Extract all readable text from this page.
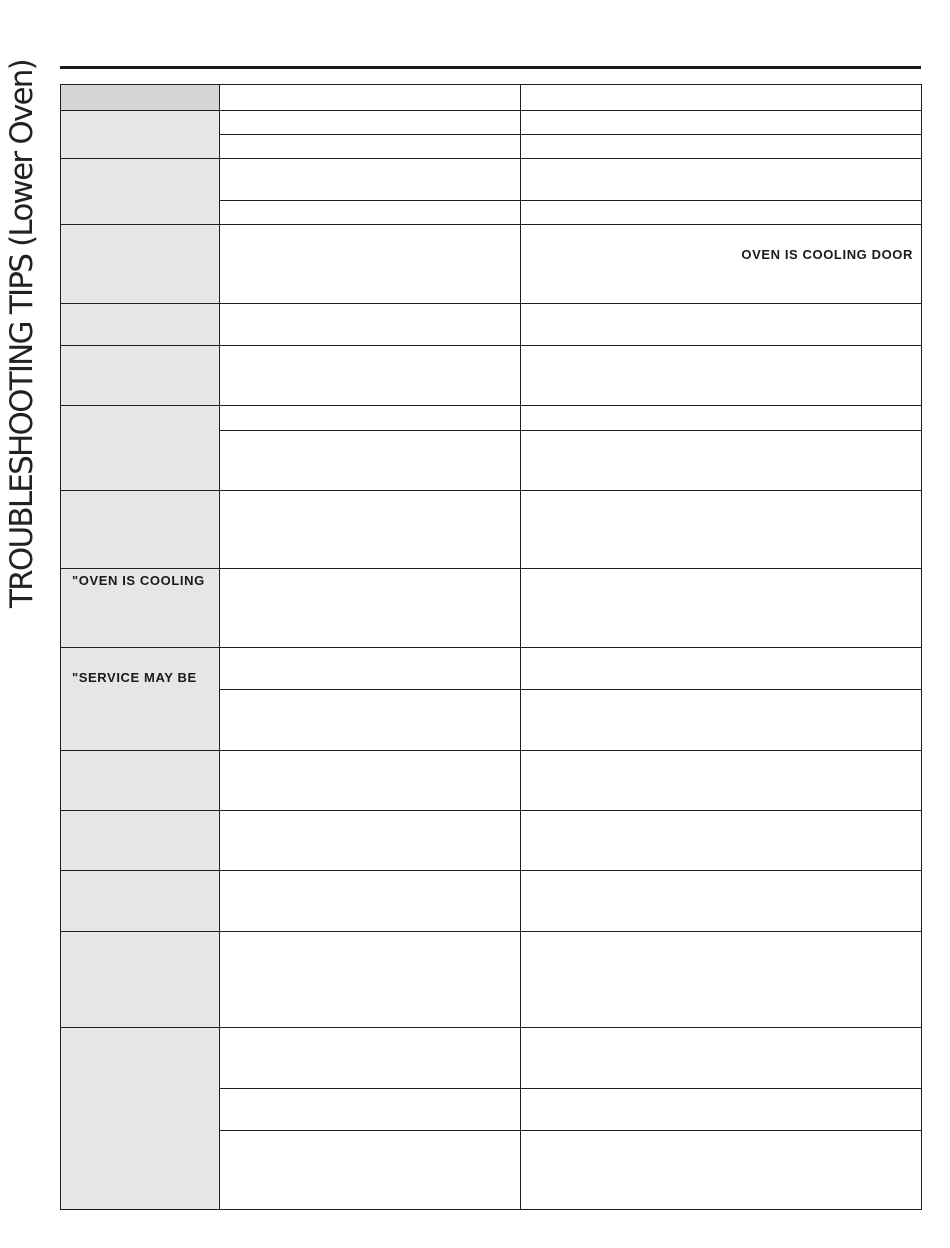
TROUBLESHOOTING TIPS (Lower Oven) "OVEN IS COOLING
"SERVICE MAY BE
OVEN IS COOLING DOOR
